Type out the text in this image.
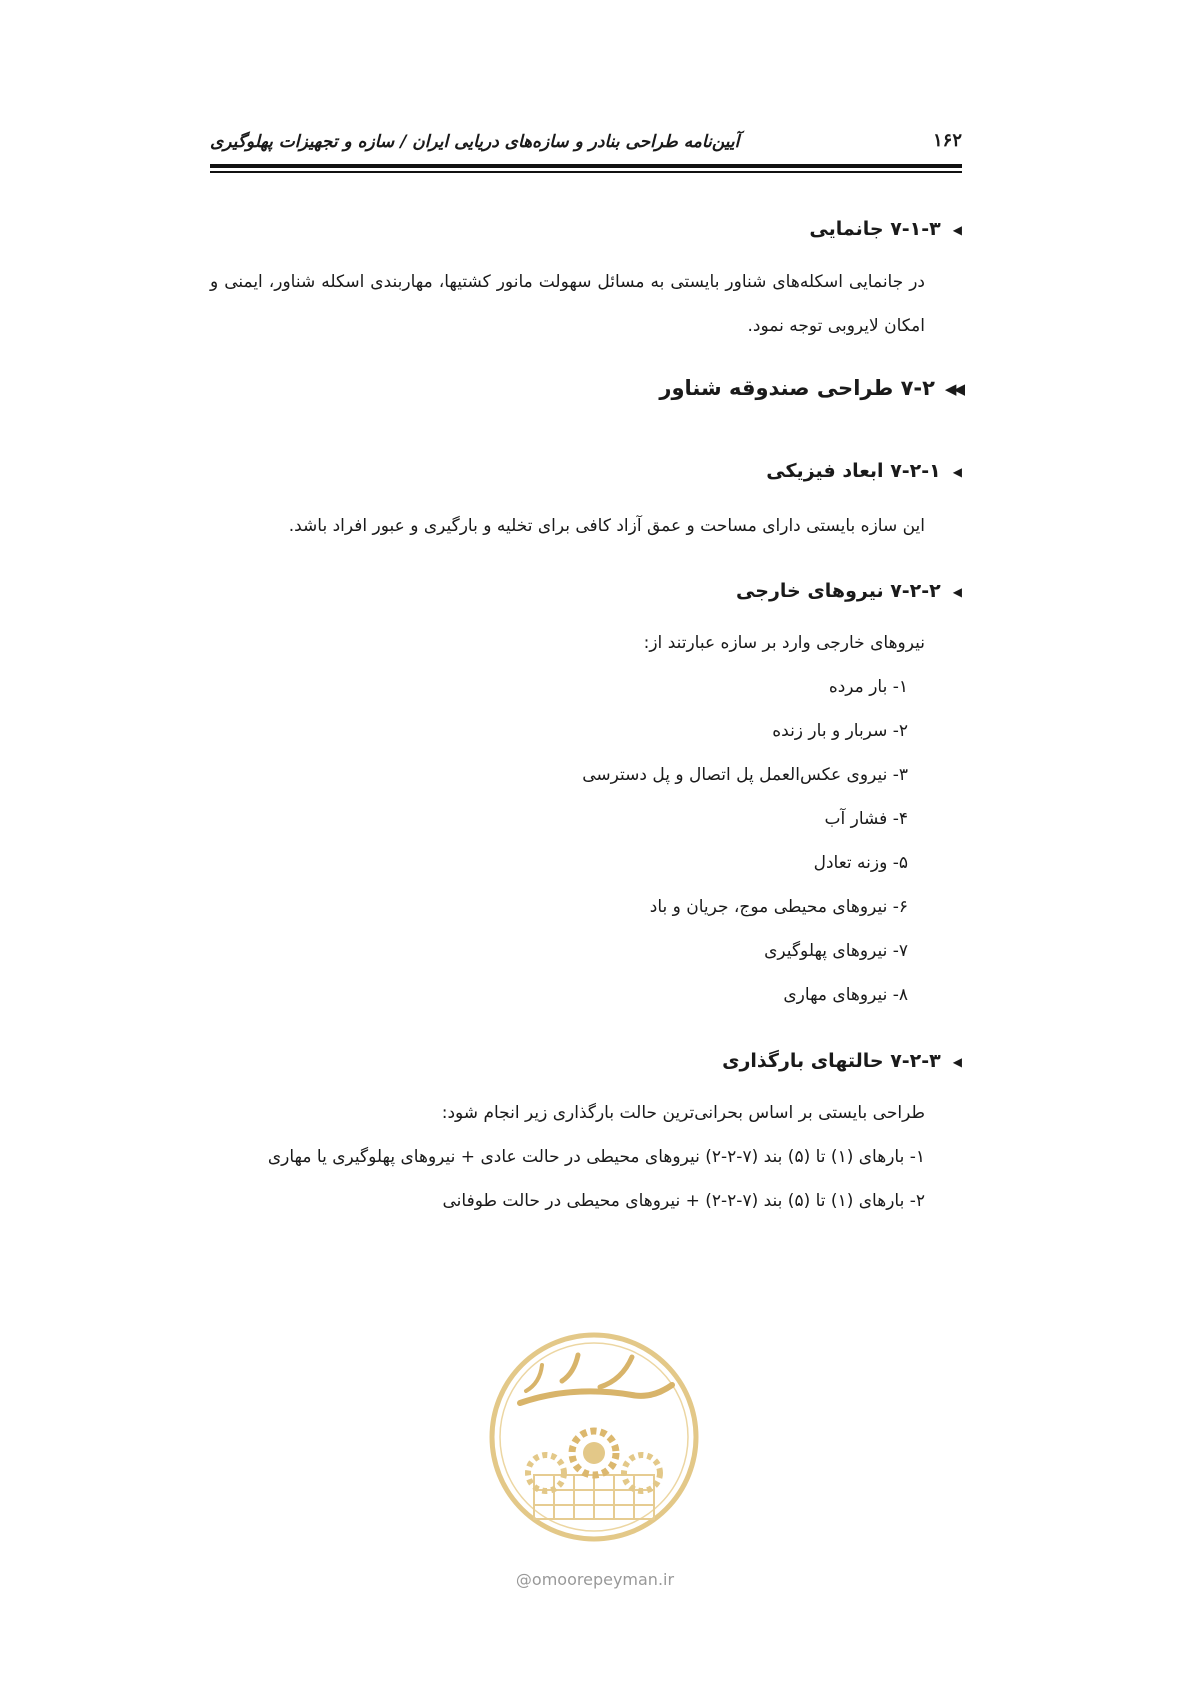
۱۶۲
آیین‌نامه طراحی بنادر و سازه‌های دریایی ایران / سازه و تجهیزات پهلوگیری
◀۷-۱-۳ جانمایی
در جانمایی اسکله‌های شناور بایستی به مسائل سهولت مانور کشتیها، مهاربندی اسکله شناور، ایمنی و امکان لایروبی توجه نمود.
◀◀۷-۲ طراحی صندوقه شناور
◀۷-۲-۱ ابعاد فیزیکی
این سازه بایستی دارای مساحت و عمق آزاد کافی برای تخلیه و بارگیری و عبور افراد باشد.
◀۷-۲-۲ نیروهای خارجی
نیروهای خارجی وارد بر سازه عبارتند از:
۱- بار مرده
۲- سربار و بار زنده
۳- نیروی عکس‌العمل پل اتصال و پل دسترسی
۴- فشار آب
۵- وزنه تعادل
۶- نیروهای محیطی موج، جریان و باد
۷- نیروهای پهلوگیری
۸- نیروهای مهاری
◀۷-۲-۳ حالتهای بارگذاری
طراحی بایستی بر اساس بحرانی‌ترین حالت بارگذاری زیر انجام شود:
۱- بارهای (۱) تا (۵) بند (۷-۲-۲) نیروهای محیطی در حالت عادی + نیروهای پهلوگیری یا مهاری
۲- بارهای (۱) تا (۵) بند (۷-۲-۲) + نیروهای محیطی در حالت طوفانی
@omoorepeyman.ir
